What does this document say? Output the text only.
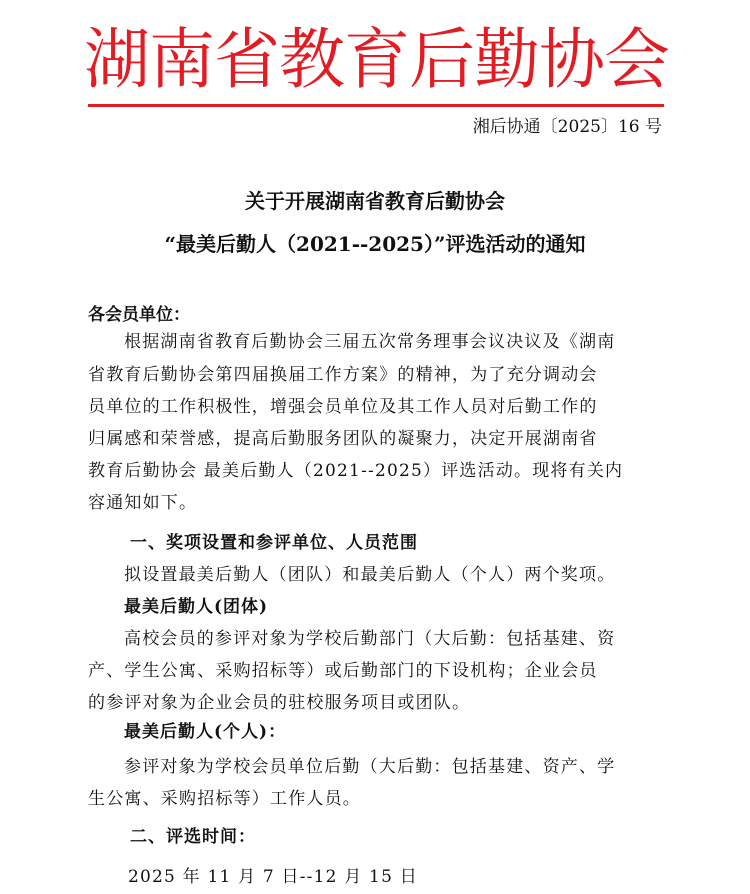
湖南省教育后勤协会
湘后协通〔2025〕16 号
关于开展湖南省教育后勤协会
“最美后勤人（2021--2025）”评选活动的通知
各会员单位：
根据湖南省教育后勤协会三届五次常务理事会议决议及《湖南
省教育后勤协会第四届换届工作方案》的精神，为了充分调动会
员单位的工作积极性，增强会员单位及其工作人员对后勤工作的
归属感和荣誉感，提高后勤服务团队的凝聚力，决定开展湖南省
教育后勤协会 最美后勤人（2021--2025）评选活动。现将有关内
容通知如下。
一、奖项设置和参评单位、人员范围
拟设置最美后勤人（团队）和最美后勤人（个人）两个奖项。
最美后勤人(团体)
高校会员的参评对象为学校后勤部门（大后勤：包括基建、资
产、学生公寓、采购招标等）或后勤部门的下设机构；企业会员
的参评对象为企业会员的驻校服务项目或团队。
最美后勤人(个人)：
参评对象为学校会员单位后勤（大后勤：包括基建、资产、学
生公寓、采购招标等）工作人员。
二、评选时间：
2025 年 11 月 7 日--12 月 15 日
